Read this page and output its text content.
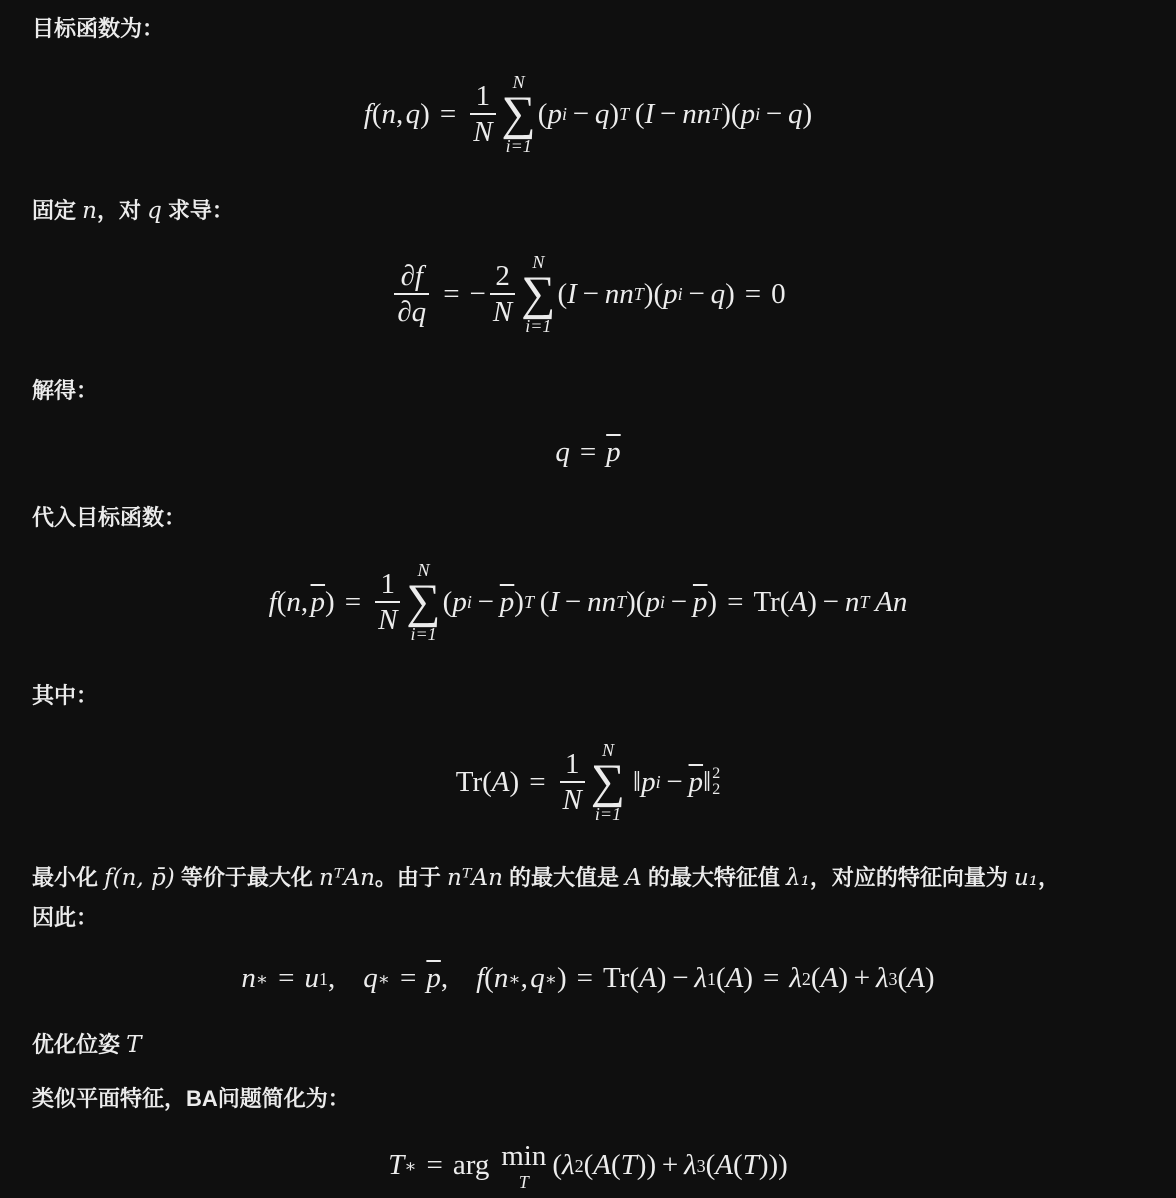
目标函数为：
f ( n ,  q ) = $\frac{1}{N}$ N
∑
i=1
( p i  −  q ) T  ( I  −  nn T )( p i  −  q )
固定 n，对 q 求导：
$\frac{\partial f}{\partial q}$ = − $\frac{2}{N}$ N
∑
i=1
( I  −  nn T )( p i  −  q ) = 0
解得：
$q = \overline{p}$
代入目标函数：
f ( n ,  $\overline{p}$ ) = $\frac{1}{N}$ N
∑
i=1
( p $i - \overline{p}$ ) T  ( I  −  nn T )( p $i - \overline{p}$ ) = Tr( A ) −  n T
  An
其中：
Tr( A ) = $\frac{1}{N}$ N
∑
i=1
 ‖ p $i - \overline{p}$ ‖ 2
2
最小化 f(n, p̄) 等价于最大化 nᵀAn。由于 nᵀAn 的最大值是 A 的最大特征值 λ₁，对应的特征向量为 u₁，
因此：
n ∗ = u 1 , q ∗ = $\overline{p}$ , f ( n ∗ ,  q ∗ ) = Tr( A ) −  λ 1 ( A ) = λ 2 ( A ) +  λ 3 ( A )
优化位姿 T
类似平面特征，BA问题简化为：
T ∗ = arg  min
T
( λ 2 ( A ( T )) +  λ 3 ( A ( T )))
